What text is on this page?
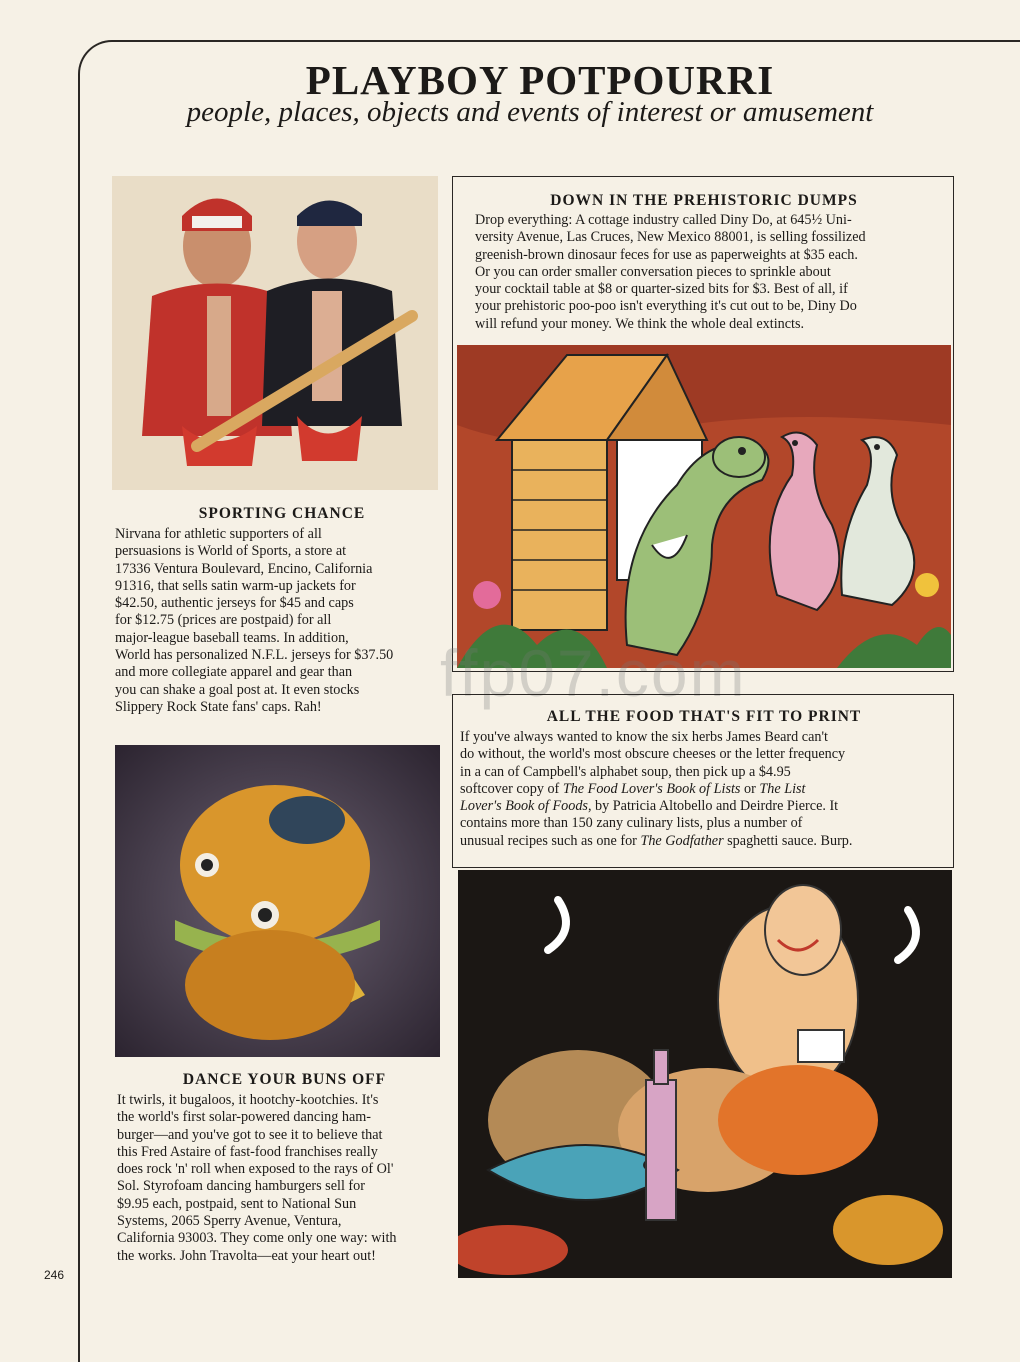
PLAYBOY POTPOURRI
people, places, objects and events of interest or amusement
SPORTING CHANCE
Nirvana for athletic supporters of all
persuasions is World of Sports, a store at
17336 Ventura Boulevard, Encino, California
91316, that sells satin warm-up jackets for
$42.50, authentic jerseys for $45 and caps
for $12.75 (prices are postpaid) for all
major-league baseball teams. In addition,
World has personalized N.F.L. jerseys for $37.50
and more collegiate apparel and gear than
you can shake a goal post at. It even stocks
Slippery Rock State fans' caps. Rah!
DOWN IN THE PREHISTORIC DUMPS
Drop everything: A cottage industry called Diny Do, at 645½ Uni-
versity Avenue, Las Cruces, New Mexico 88001, is selling fossilized
greenish-brown dinosaur feces for use as paperweights at $35 each.
Or you can order smaller conversation pieces to sprinkle about
your cocktail table at $8 or quarter-sized bits for $3. Best of all, if
your prehistoric poo-poo isn't everything it's cut out to be, Diny Do
will refund your money. We think the whole deal extincts.
ffp07.com
ALL THE FOOD THAT'S FIT TO PRINT
If you've always wanted to know the six herbs James Beard can't
do without, the world's most obscure cheeses or the letter frequency
in a can of Campbell's alphabet soup, then pick up a $4.95
softcover copy of The Food Lover's Book of Lists or The List
Lover's Book of Foods, by Patricia Altobello and Deirdre Pierce. It
contains more than 150 zany culinary lists, plus a number of
unusual recipes such as one for The Godfather spaghetti sauce. Burp.
DANCE YOUR BUNS OFF
It twirls, it bugaloos, it hootchy-kootchies. It's
the world's first solar-powered dancing ham-
burger—and you've got to see it to believe that
this Fred Astaire of fast-food franchises really
does rock 'n' roll when exposed to the rays of Ol'
Sol. Styrofoam dancing hamburgers sell for
$9.95 each, postpaid, sent to National Sun
Systems, 2065 Sperry Avenue, Ventura,
California 93003. They come only one way: with
the works. John Travolta—eat your heart out!
246
